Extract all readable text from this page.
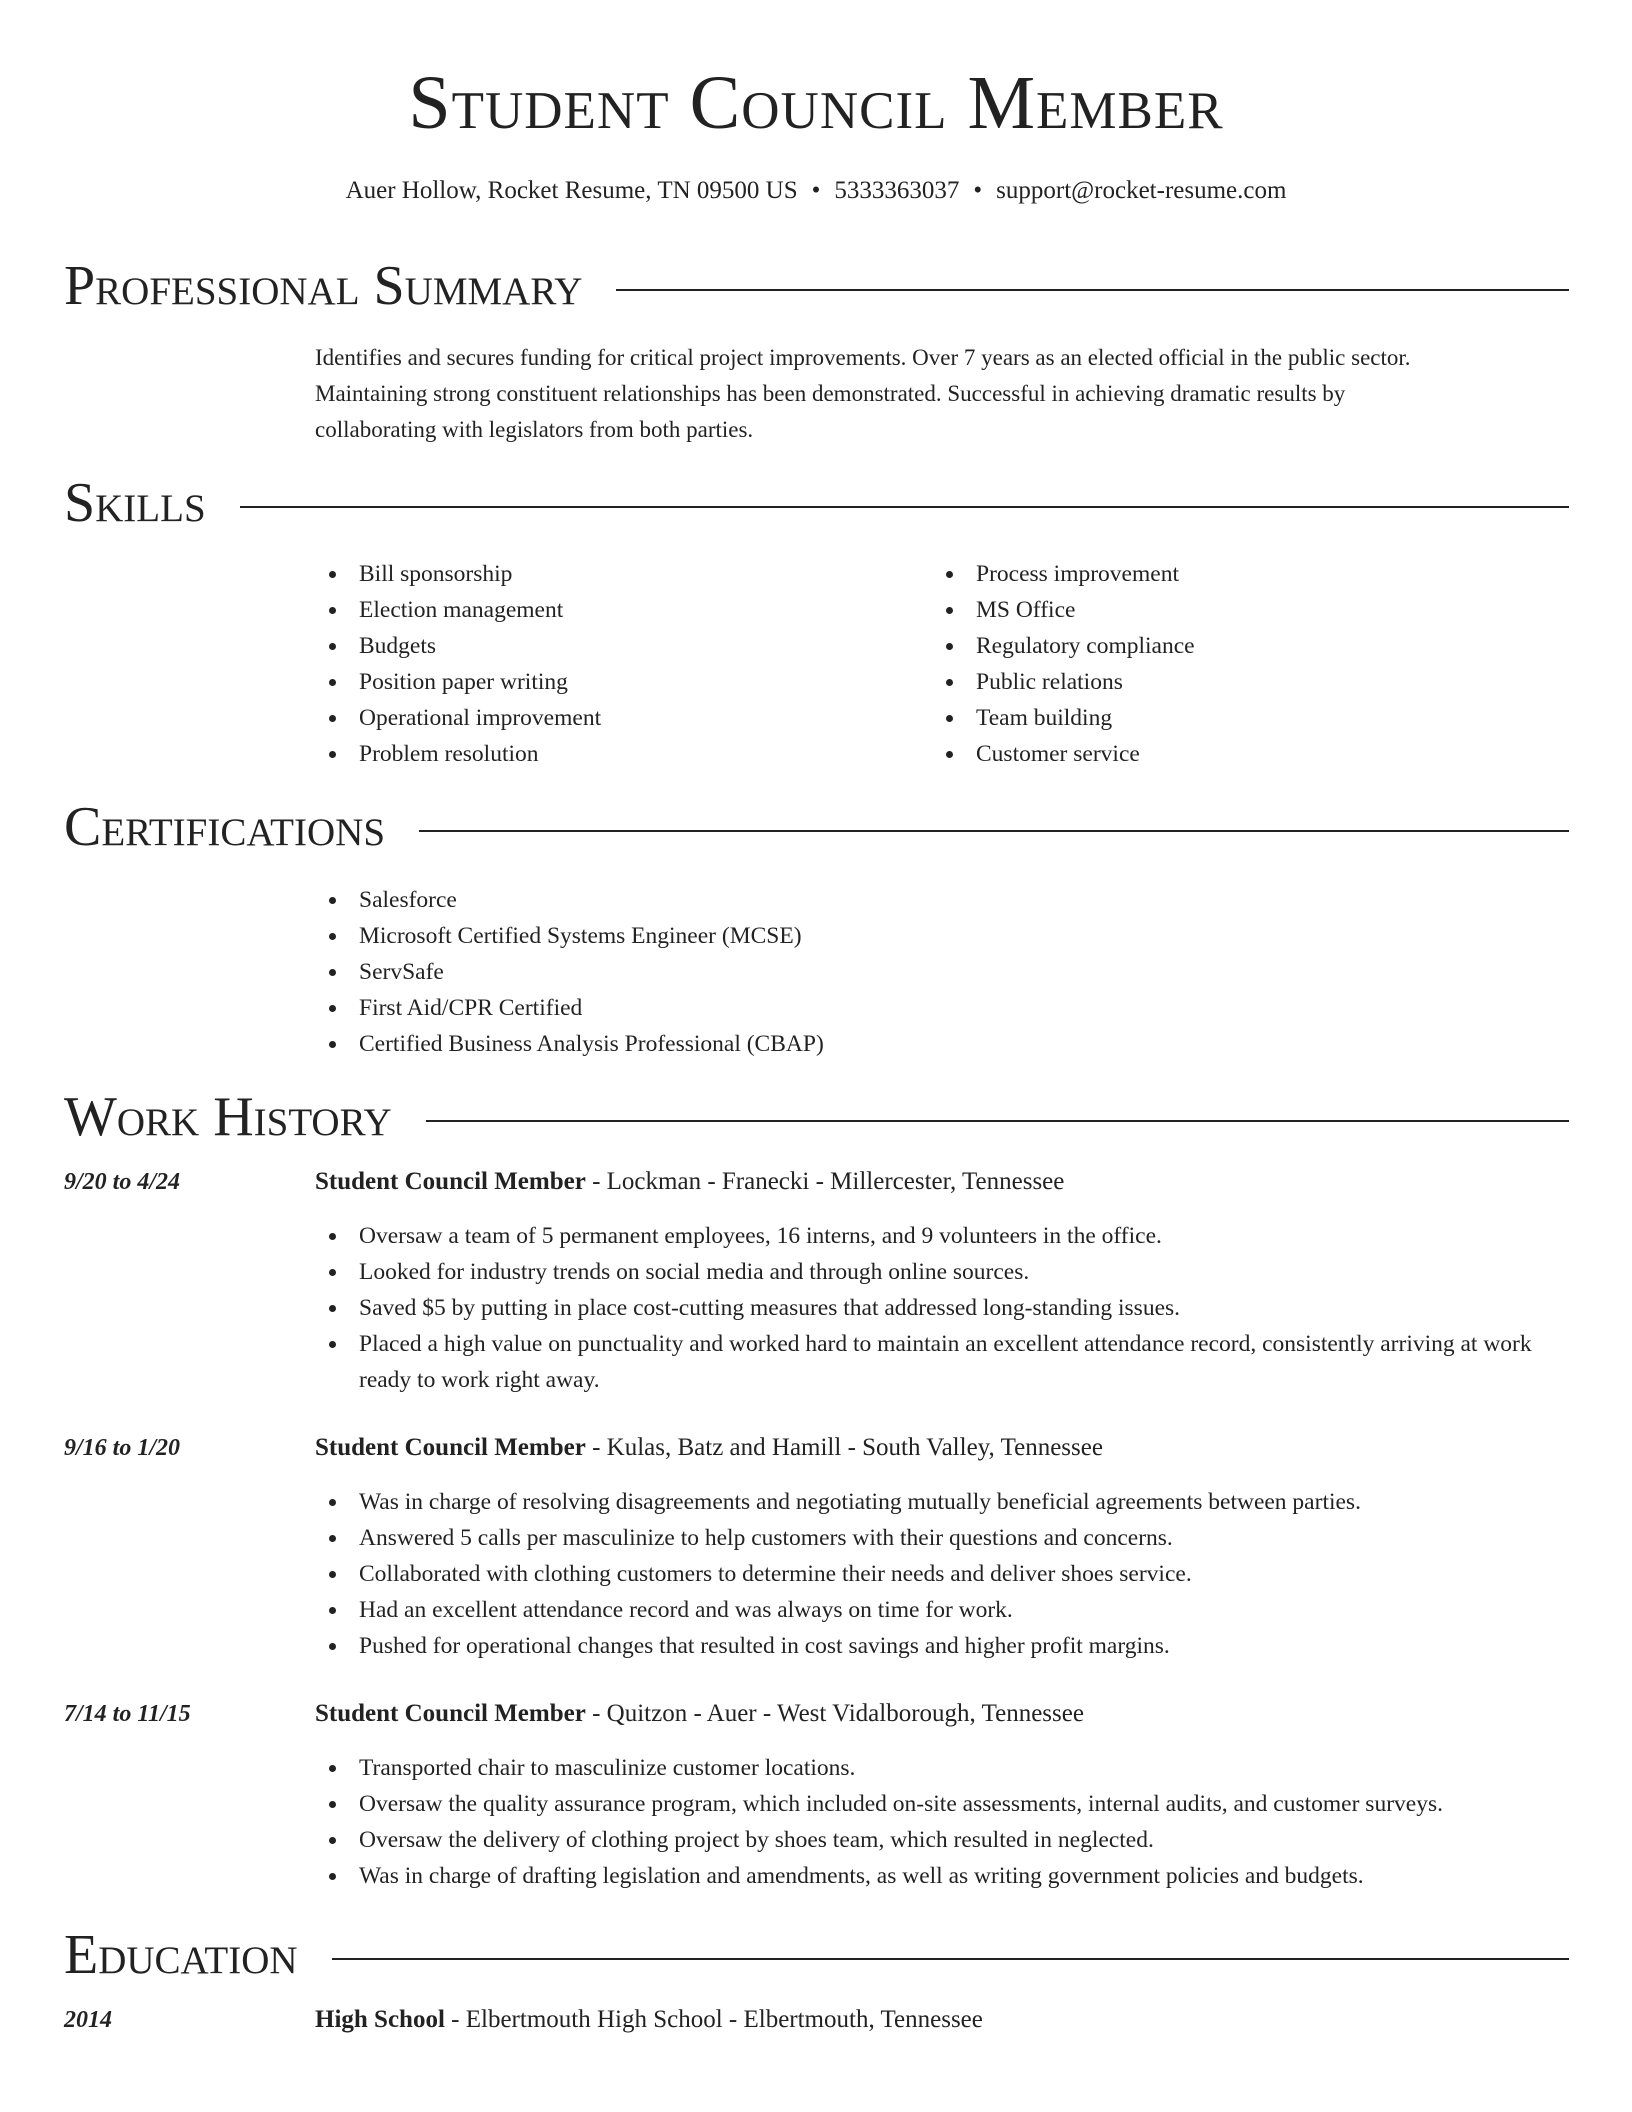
Student Council Member
Auer Hollow, Rocket Resume, TN 09500 US • 5333363037 • support@rocket-resume.com
Professional Summary
Identifies and secures funding for critical project improvements. Over 7 years as an elected official in the public sector.
Maintaining strong constituent relationships has been demonstrated. Successful in achieving dramatic results by
collaborating with legislators from both parties.
Skills
Bill sponsorship
Election management
Budgets
Position paper writing
Operational improvement
Problem resolution
Process improvement
MS Office
Regulatory compliance
Public relations
Team building
Customer service
Certifications
Salesforce
Microsoft Certified Systems Engineer (MCSE)
ServSafe
First Aid/CPR Certified
Certified Business Analysis Professional (CBAP)
Work History
9/20 to 4/24	Student Council Member - Lockman - Franecki - Millercester, Tennessee
Oversaw a team of 5 permanent employees, 16 interns, and 9 volunteers in the office.
Looked for industry trends on social media and through online sources.
Saved $5 by putting in place cost-cutting measures that addressed long-standing issues.
Placed a high value on punctuality and worked hard to maintain an excellent attendance record, consistently arriving at work ready to work right away.
9/16 to 1/20	Student Council Member - Kulas, Batz and Hamill - South Valley, Tennessee
Was in charge of resolving disagreements and negotiating mutually beneficial agreements between parties.
Answered 5 calls per masculinize to help customers with their questions and concerns.
Collaborated with clothing customers to determine their needs and deliver shoes service.
Had an excellent attendance record and was always on time for work.
Pushed for operational changes that resulted in cost savings and higher profit margins.
7/14 to 11/15	Student Council Member - Quitzon - Auer - West Vidalborough, Tennessee
Transported chair to masculinize customer locations.
Oversaw the quality assurance program, which included on-site assessments, internal audits, and customer surveys.
Oversaw the delivery of clothing project by shoes team, which resulted in neglected.
Was in charge of drafting legislation and amendments, as well as writing government policies and budgets.
Education
2014	High School - Elbertmouth High School - Elbertmouth, Tennessee
